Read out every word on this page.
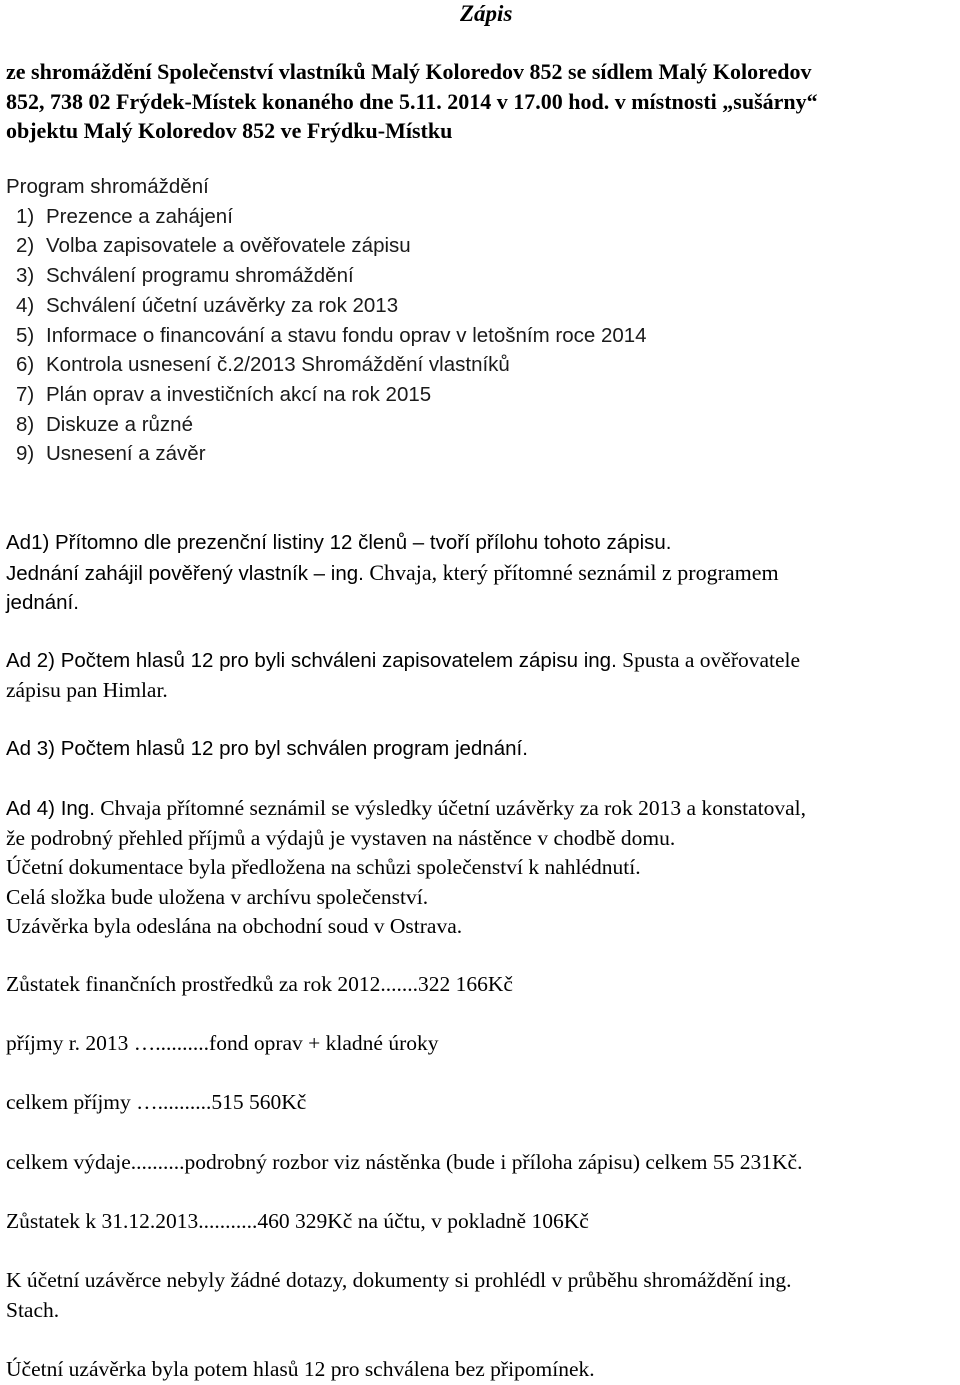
Zápis
ze shromáždění Společenství vlastníků Malý Koloredov 852 se sídlem Malý Koloredov
852, 738 02 Frýdek-Místek konaného dne 5.11. 2014 v 17.00 hod. v místnosti „sušárny“
objektu Malý Koloredov 852 ve Frýdku-Místku
Program shromáždění
1) Prezence a zahájení
2) Volba zapisovatele a ověřovatele zápisu
3) Schválení programu shromáždění
4) Schválení účetní uzávěrky za rok 2013
5) Informace o financování a stavu fondu oprav v letošním roce 2014
6) Kontrola usnesení č.2/2013 Shromáždění vlastníků
7) Plán oprav a investičních akcí na rok 2015
8) Diskuze a různé
9) Usnesení a závěr
Ad1) Přítomno dle prezenční listiny 12 členů – tvoří přílohu tohoto zápisu.
Jednání zahájil pověřený vlastník – ing. Chvaja, který přítomné seznámil z programem
jednání.
Ad 2) Počtem hlasů 12 pro byli schváleni zapisovatelem zápisu ing. Spusta a ověřovatele
zápisu pan Himlar.
Ad 3) Počtem hlasů 12 pro byl schválen program jednání.
Ad 4) Ing. Chvaja přítomné seznámil se výsledky účetní uzávěrky za rok 2013 a konstatoval,
že podrobný přehled příjmů a výdajů je vystaven na nástěnce v chodbě domu.
Účetní dokumentace byla předložena na schůzi společenství k nahlédnutí.
Celá složka bude uložena v archívu společenství.
Uzávěrka byla odeslána na obchodní soud v Ostrava.
Zůstatek finančních prostředků za rok 2012.......322 166Kč
příjmy r. 2013 …..........fond oprav + kladné úroky
celkem příjmy …..........515 560Kč
celkem výdaje..........podrobný rozbor viz nástěnka (bude i příloha zápisu) celkem 55 231Kč.
Zůstatek k 31.12.2013...........460 329Kč na účtu, v pokladně 106Kč
K účetní uzávěrce nebyly žádné dotazy, dokumenty si prohlédl v průběhu shromáždění ing.
Stach.
Účetní uzávěrka byla potem hlasů 12 pro schválena bez připomínek.
